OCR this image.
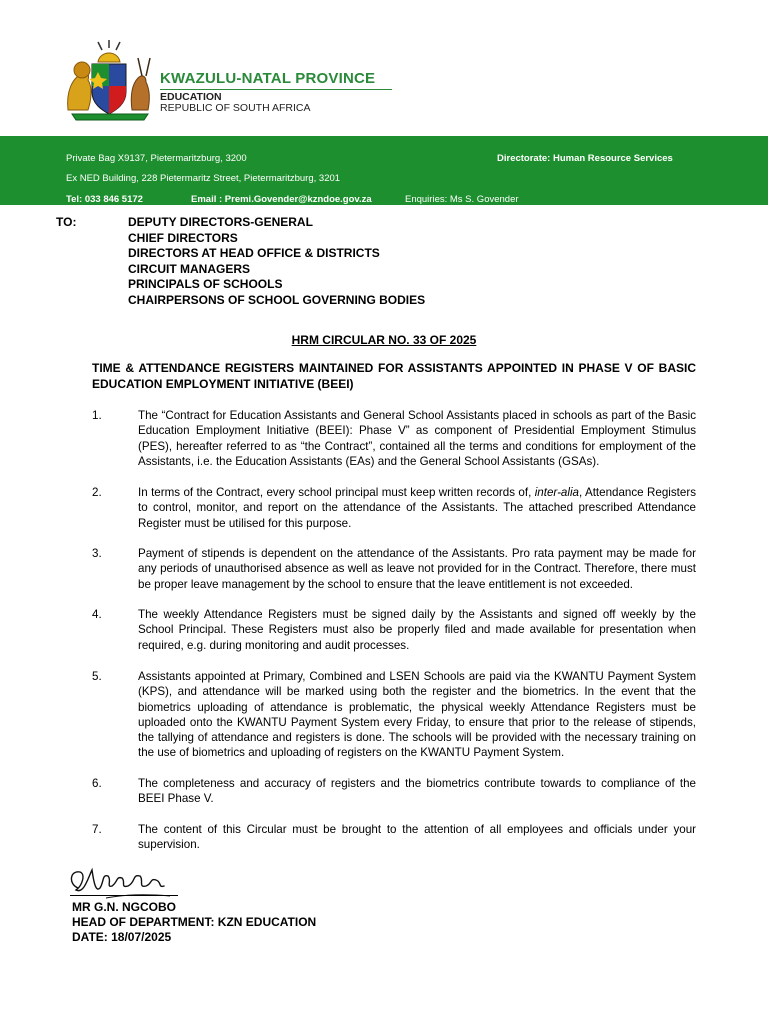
KWAZULU-NATAL PROVINCE
EDUCATION
REPUBLIC OF SOUTH AFRICA
Private Bag X9137, Pietermaritzburg, 3200
Ex NED Building, 228 Pietermaritz Street, Pietermaritzburg, 3201
Tel: 033 846 5172	Email : Premi.Govender@kzndoe.gov.za	Enquiries: Ms S. Govender
Directorate: Human Resource Services
TO:	DEPUTY DIRECTORS-GENERAL
CHIEF DIRECTORS
DIRECTORS AT HEAD OFFICE & DISTRICTS
CIRCUIT MANAGERS
PRINCIPALS OF SCHOOLS
CHAIRPERSONS OF SCHOOL GOVERNING BODIES
HRM CIRCULAR NO. 33 OF 2025
TIME & ATTENDANCE REGISTERS MAINTAINED FOR ASSISTANTS APPOINTED IN PHASE V OF BASIC EDUCATION EMPLOYMENT INITIATIVE (BEEI)
1.	The “Contract for Education Assistants and General School Assistants placed in schools as part of the Basic Education Employment Initiative (BEEI): Phase V” as component of Presidential Employment Stimulus (PES), hereafter referred to as “the Contract”, contained all the terms and conditions for employment of the Assistants, i.e. the Education Assistants (EAs) and the General School Assistants (GSAs).
2.	In terms of the Contract, every school principal must keep written records of, inter-alia, Attendance Registers to control, monitor, and report on the attendance of the Assistants. The attached prescribed Attendance Register must be utilised for this purpose.
3.	Payment of stipends is dependent on the attendance of the Assistants. Pro rata payment may be made for any periods of unauthorised absence as well as leave not provided for in the Contract. Therefore, there must be proper leave management by the school to ensure that the leave entitlement is not exceeded.
4.	The weekly Attendance Registers must be signed daily by the Assistants and signed off weekly by the School Principal. These Registers must also be properly filed and made available for presentation when required, e.g. during monitoring and audit processes.
5.	Assistants appointed at Primary, Combined and LSEN Schools are paid via the KWANTU Payment System (KPS), and attendance will be marked using both the register and the biometrics. In the event that the biometrics uploading of attendance is problematic, the physical weekly Attendance Registers must be uploaded onto the KWANTU Payment System every Friday, to ensure that prior to the release of stipends, the tallying of attendance and registers is done. The schools will be provided with the necessary training on the use of biometrics and uploading of registers on the KWANTU Payment System.
6.	The completeness and accuracy of registers and the biometrics contribute towards to compliance of the BEEI Phase V.
7.	The content of this Circular must be brought to the attention of all employees and officials under your supervision.
MR G.N. NGCOBO
HEAD OF DEPARTMENT: KZN EDUCATION
DATE: 18/07/2025
